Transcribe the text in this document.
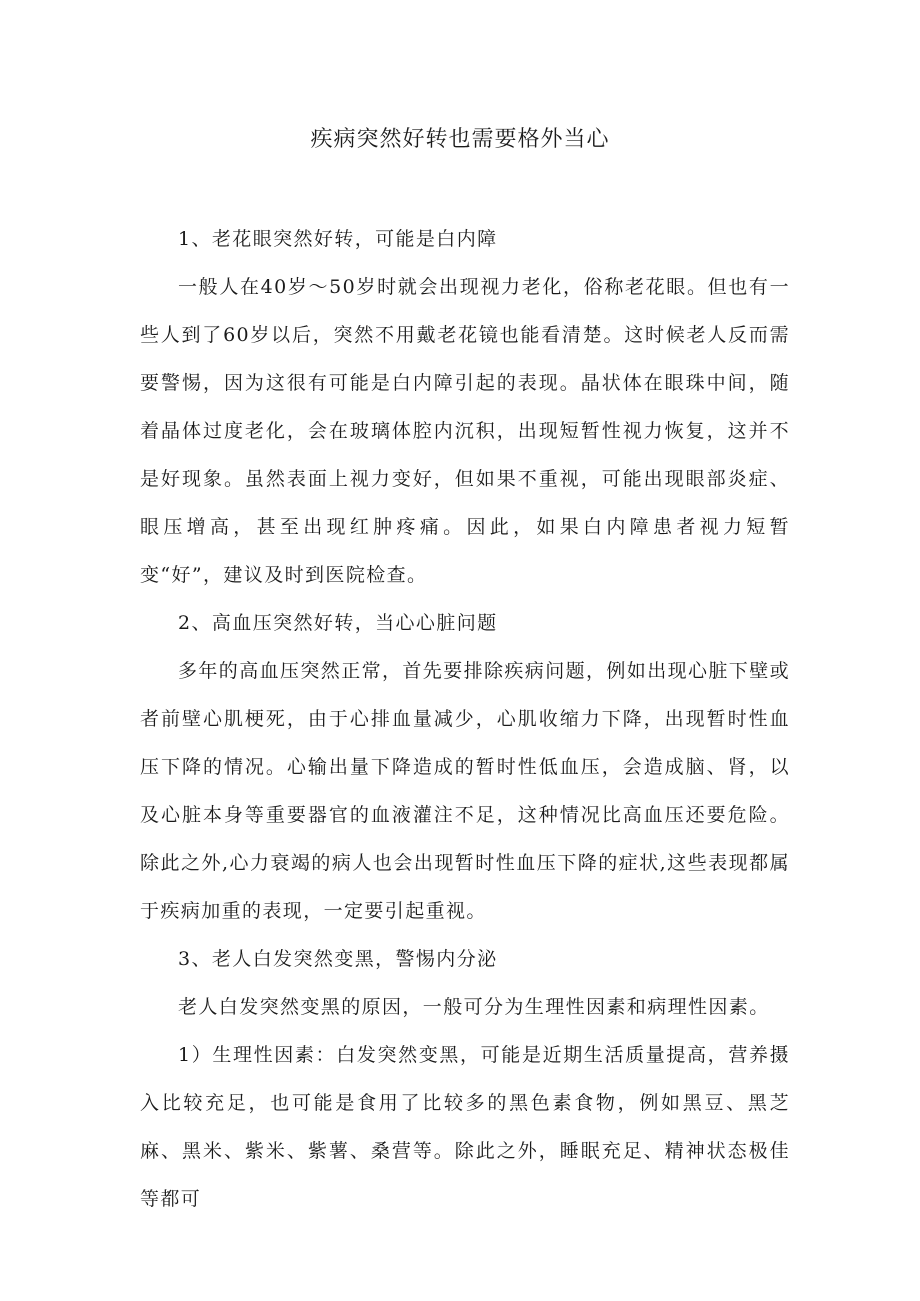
疾病突然好转也需要格外当心

1、老花眼突然好转，可能是白内障

一般人在40岁～50岁时就会出现视力老化，俗称老花眼。但也有一些人到了60岁以后，突然不用戴老花镜也能看清楚。这时候老人反而需要警惕，因为这很有可能是白内障引起的表现。晶状体在眼珠中间，随着晶体过度老化，会在玻璃体腔内沉积，出现短暂性视力恢复，这并不是好现象。虽然表面上视力变好，但如果不重视，可能出现眼部炎症、眼压增高，甚至出现红肿疼痛。因此，如果白内障患者视力短暂变“好”，建议及时到医院检查。

2、高血压突然好转，当心心脏问题

多年的高血压突然正常，首先要排除疾病问题，例如出现心脏下壁或者前壁心肌梗死，由于心排血量减少，心肌收缩力下降，出现暂时性血压下降的情况。心输出量下降造成的暂时性低血压，会造成脑、肾，以及心脏本身等重要器官的血液灌注不足，这种情况比高血压还要危险。除此之外,心力衰竭的病人也会出现暂时性血压下降的症状,这些表现都属于疾病加重的表现，一定要引起重视。

3、老人白发突然变黑，警惕内分泌

老人白发突然变黑的原因，一般可分为生理性因素和病理性因素。

1）生理性因素：白发突然变黑，可能是近期生活质量提高，营养摄入比较充足，也可能是食用了比较多的黑色素食物，例如黑豆、黑芝麻、黑米、紫米、紫薯、桑营等。除此之外，睡眠充足、精神状态极佳等都可
